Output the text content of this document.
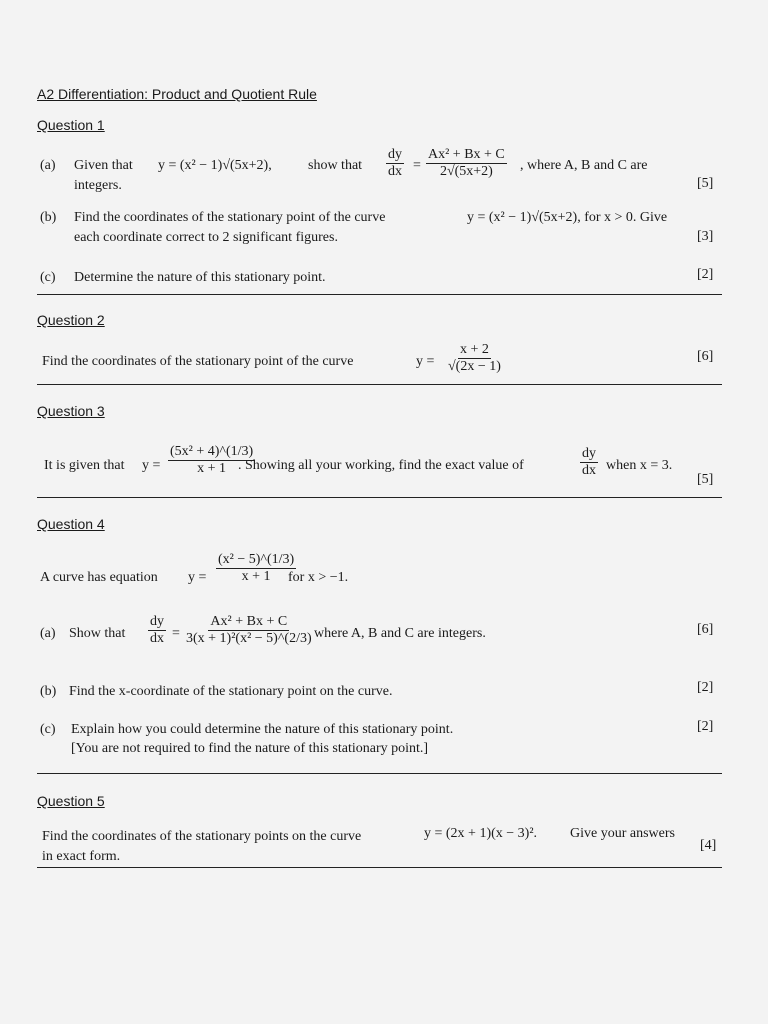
A2 Differentiation: Product and Quotient Rule
Question 1
(a) Given that y = (x² − 1)√(5x+2),	show that $\frac{dy}{dx} = \frac{\text{Ax² + Bx + C}}{2√(5x+2)}$ , where A, B and C are
integers.	[5]
(b) Find the coordinates of the stationary point of the curve	y = (x² − 1)√(5x+2), for x > 0. Give
each coordinate correct to 2 significant figures.	[3]
(c) Determine the nature of this stationary point.	[2]
Question 2
Find the coordinates of the stationary point of the curve	$y = \frac{x + 2}{√(2x - 1)}$	[6]
Question 3
It is given that $y = \frac{\text{(5x² + 4)\textasciicircum{}(1/3)}}{x + 1}$
. Showing all your working, find the exact value of	$\frac{dy}{dx}$ when x = 3.
[5]
Question 4
A curve has equation $y = \frac{\text{(x² − 5)\textasciicircum{}(1/3)}}{x + 1}$
for x > −1.
(a) Show that $\frac{dy}{dx} = \frac{\text{Ax² + Bx + C}}{\text{3(x + 1)²(x² − 5)\textasciicircum{}(2/3)}}$ where A, B and C are integers.	[6]
(b) Find the x-coordinate of the stationary point on the curve.	[2]
(c) Explain how you could determine the nature of this stationary point.
[You are not required to find the nature of this stationary point.]
[2]
Question 5
Find the coordinates of the stationary points on the curve	y = (2x + 1)(x − 3)². Give your answers
in exact form.
[4]
